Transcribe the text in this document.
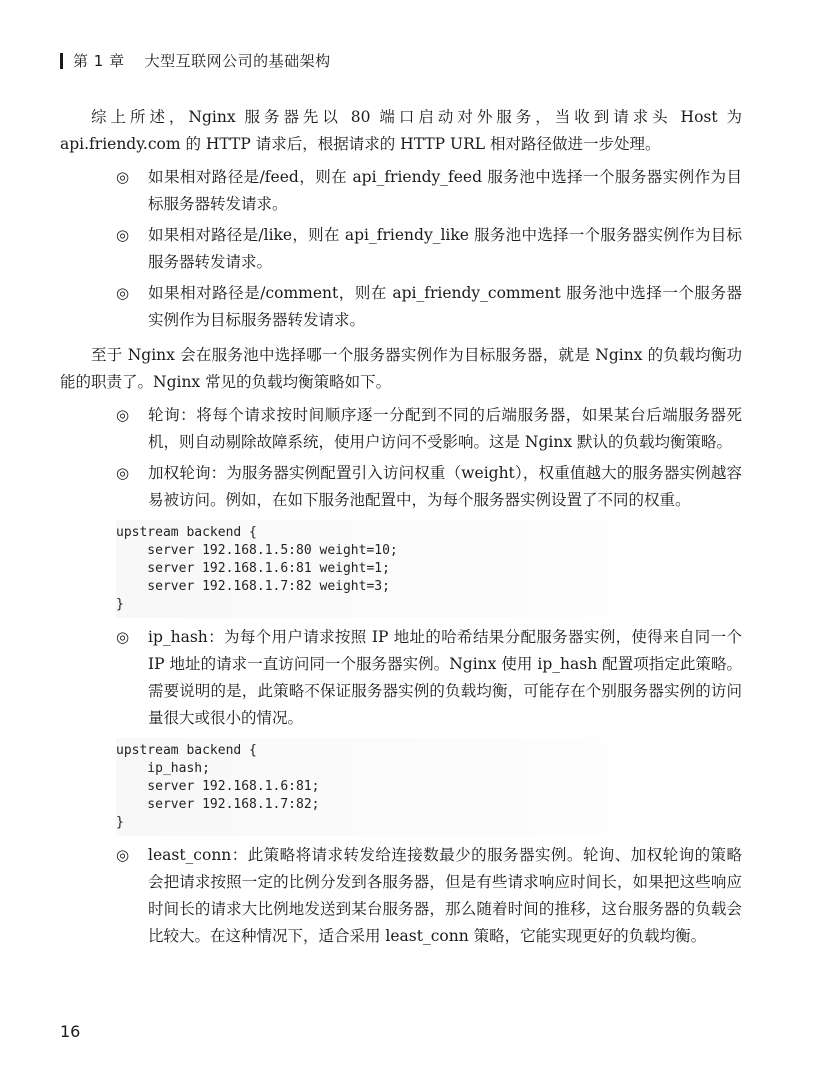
第 1 章 大型互联网公司的基础架构

综上所述，Nginx 服务器先以 80 端口启动对外服务，当收到请求头 Host 为 api.friendy.com 的 HTTP 请求后，根据请求的 HTTP URL 相对路径做进一步处理。

◎ 如果相对路径是/feed，则在 api_friendy_feed 服务池中选择一个服务器实例作为目标服务器转发请求。
◎ 如果相对路径是/like，则在 api_friendy_like 服务池中选择一个服务器实例作为目标服务器转发请求。
◎ 如果相对路径是/comment，则在 api_friendy_comment 服务池中选择一个服务器实例作为目标服务器转发请求。

至于 Nginx 会在服务池中选择哪一个服务器实例作为目标服务器，就是 Nginx 的负载均衡功能的职责了。Nginx 常见的负载均衡策略如下。

◎ 轮询：将每个请求按时间顺序逐一分配到不同的后端服务器，如果某台后端服务器死机，则自动剔除故障系统，使用户访问不受影响。这是 Nginx 默认的负载均衡策略。
◎ 加权轮询：为服务器实例配置引入访问权重（weight），权重值越大的服务器实例越容易被访问。例如，在如下服务池配置中，为每个服务器实例设置了不同的权重。
upstream backend {
server 192.168.1.5:80 weight=10;
server 192.168.1.6:81 weight=1;
server 192.168.1.7:82 weight=3;
}
◎ ip_hash：为每个用户请求按照 IP 地址的哈希结果分配服务器实例，使得来自同一个 IP 地址的请求一直访问同一个服务器实例。Nginx 使用 ip_hash 配置项指定此策略。需要说明的是，此策略不保证服务器实例的负载均衡，可能存在个别服务器实例的访问量很大或很小的情况。
upstream backend {
ip_hash;
server 192.168.1.6:81;
server 192.168.1.7:82;
}
◎ least_conn：此策略将请求转发给连接数最少的服务器实例。轮询、加权轮询的策略会把请求按照一定的比例分发到各服务器，但是有些请求响应时间长，如果把这些响应时间长的请求大比例地发送到某台服务器，那么随着时间的推移，这台服务器的负载会比较大。在这种情况下，适合采用 least_conn 策略，它能实现更好的负载均衡。
16
